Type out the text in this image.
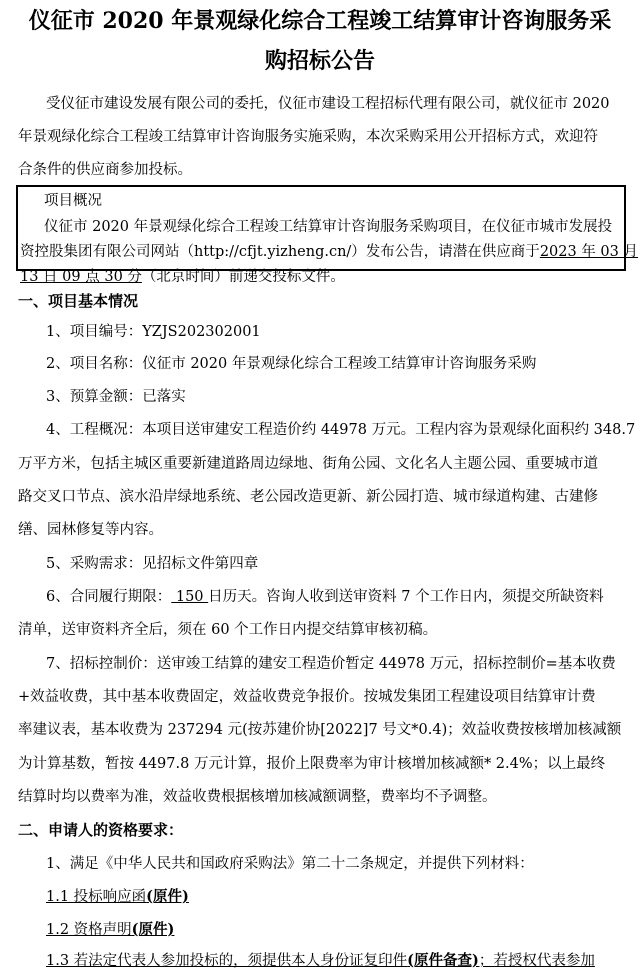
仪征市 2020 年景观绿化综合工程竣工结算审计咨询服务采
购招标公告
受仪征市建设发展有限公司的委托，仪征市建设工程招标代理有限公司，就仪征市 2020
年景观绿化综合工程竣工结算审计咨询服务实施采购，本次采购采用公开招标方式，欢迎符
合条件的供应商参加投标。
项目概况
仪征市 2020 年景观绿化综合工程竣工结算审计咨询服务采购项目，在仪征市城市发展投
资控股集团有限公司网站（http://cfjt.yizheng.cn/）发布公告，请潜在供应商于2023 年 03 月
13 日 09 点 30 分（北京时间）前递交投标文件。
一、项目基本情况
1、项目编号：YZJS202302001
2、项目名称：仪征市 2020 年景观绿化综合工程竣工结算审计咨询服务采购
3、预算金额：已落实
4、工程概况：本项目送审建安工程造价约 44978 万元。工程内容为景观绿化面积约 348.7
万平方米，包括主城区重要新建道路周边绿地、街角公园、文化名人主题公园、重要城市道
路交叉口节点、滨水沿岸绿地系统、老公园改造更新、新公园打造、城市绿道构建、古建修
缮、园林修复等内容。
5、采购需求：见招标文件第四章
6、合同履行期限： 150 日历天。咨询人收到送审资料 7 个工作日内，须提交所缺资料
清单，送审资料齐全后，须在 60 个工作日内提交结算审核初稿。
7、招标控制价：送审竣工结算的建安工程造价暂定 44978 万元，招标控制价=基本收费
+效益收费，其中基本收费固定，效益收费竞争报价。按城发集团工程建设项目结算审计费
率建议表，基本收费为 237294 元(按苏建价协[2022]7 号文*0.4)；效益收费按核增加核减额
为计算基数，暂按 4497.8 万元计算，报价上限费率为审计核增加核减额* 2.4%；以上最终
结算时均以费率为准，效益收费根据核增加核减额调整，费率均不予调整。
二、申请人的资格要求：
1、满足《中华人民共和国政府采购法》第二十二条规定，并提供下列材料：
1.1 投标响应函(原件)
1.2 资格声明(原件)
1.3 若法定代表人参加投标的，须提供本人身份证复印件(原件备查)；若授权代表参加
